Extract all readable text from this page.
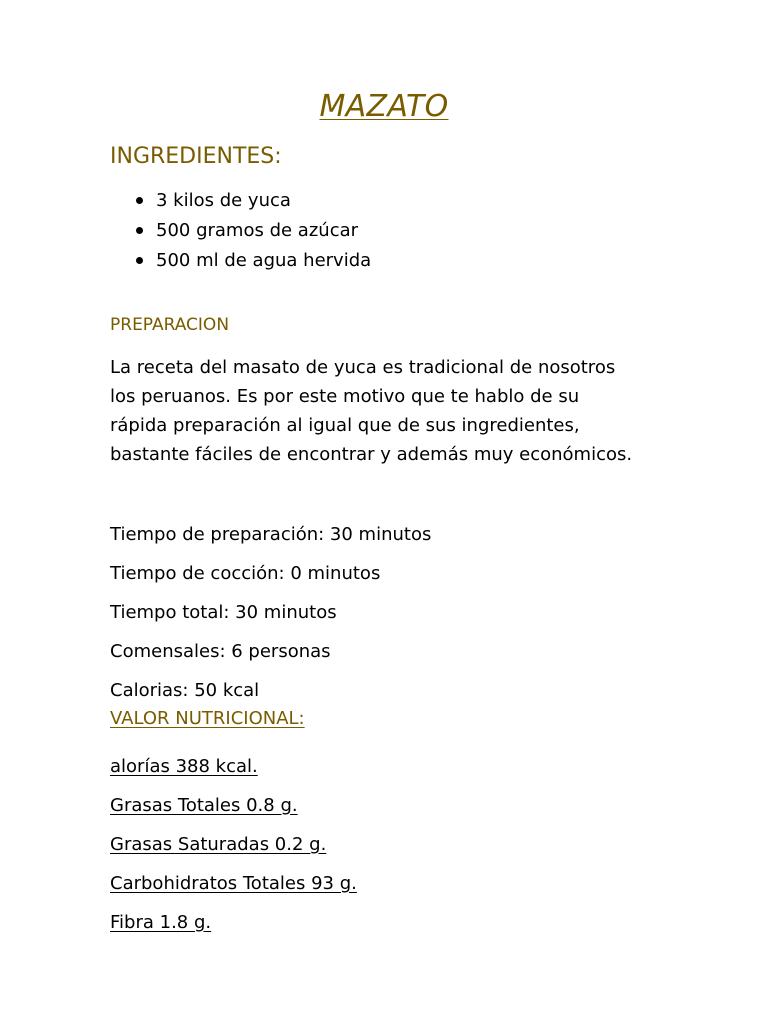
MAZATO
INGREDIENTES:
3 kilos de yuca
500 gramos de azúcar
500 ml de agua hervida
PREPARACION
La receta del masato de yuca es tradicional de nosotros
los peruanos. Es por este motivo que te hablo de su
rápida preparación al igual que de sus ingredientes,
bastante fáciles de encontrar y además muy económicos.
Tiempo de preparación: 30 minutos
Tiempo de cocción: 0 minutos
Tiempo total: 30 minutos
Comensales: 6 personas
Calorias: 50 kcal
VALOR NUTRICIONAL:
alorías 388 kcal.
Grasas Totales 0.8 g.
Grasas Saturadas 0.2 g.
Carbohidratos Totales 93 g.
Fibra 1.8 g.
